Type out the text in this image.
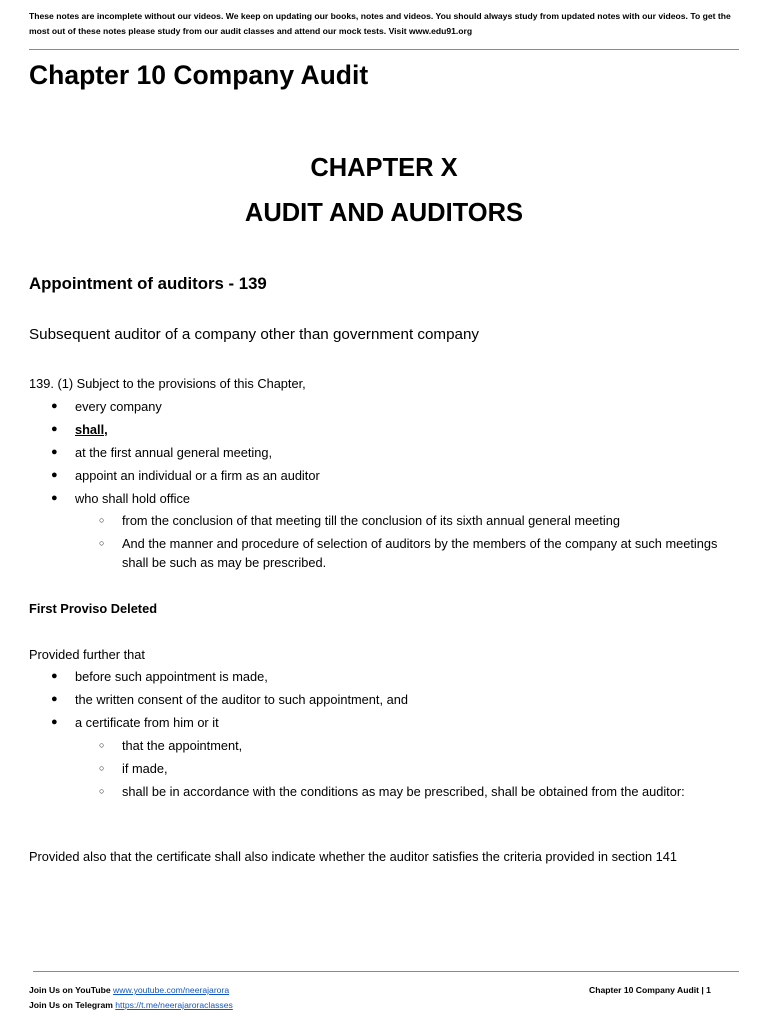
These notes are incomplete without our videos. We keep on updating our books, notes and videos. You should always study from updated notes with our videos. To get the most out of these notes please study from our audit classes and attend our mock tests. Visit www.edu91.org
Chapter 10 Company Audit
CHAPTER X
AUDIT AND AUDITORS
Appointment of auditors - 139
Subsequent auditor of a company other than government company
139. (1) Subject to the provisions of this Chapter,
● every company
● shall,
● at the first annual general meeting,
● appoint an individual or a firm as an auditor
● who shall hold office
○ from the conclusion of that meeting till the conclusion of its sixth annual general meeting
○ And the manner and procedure of selection of auditors by the members of the company at such meetings shall be such as may be prescribed.
First Proviso Deleted
Provided further that
● before such appointment is made,
● the written consent of the auditor to such appointment, and
● a certificate from him or it
○ that the appointment,
○ if made,
○ shall be in accordance with the conditions as may be prescribed, shall be obtained from the auditor:
Provided also that the certificate shall also indicate whether the auditor satisfies the criteria provided in section 141
Join Us on YouTube www.youtube.com/neerajarora
Join Us on Telegram https://t.me/neerajaroraclasses
Chapter 10 Company Audit | 1
